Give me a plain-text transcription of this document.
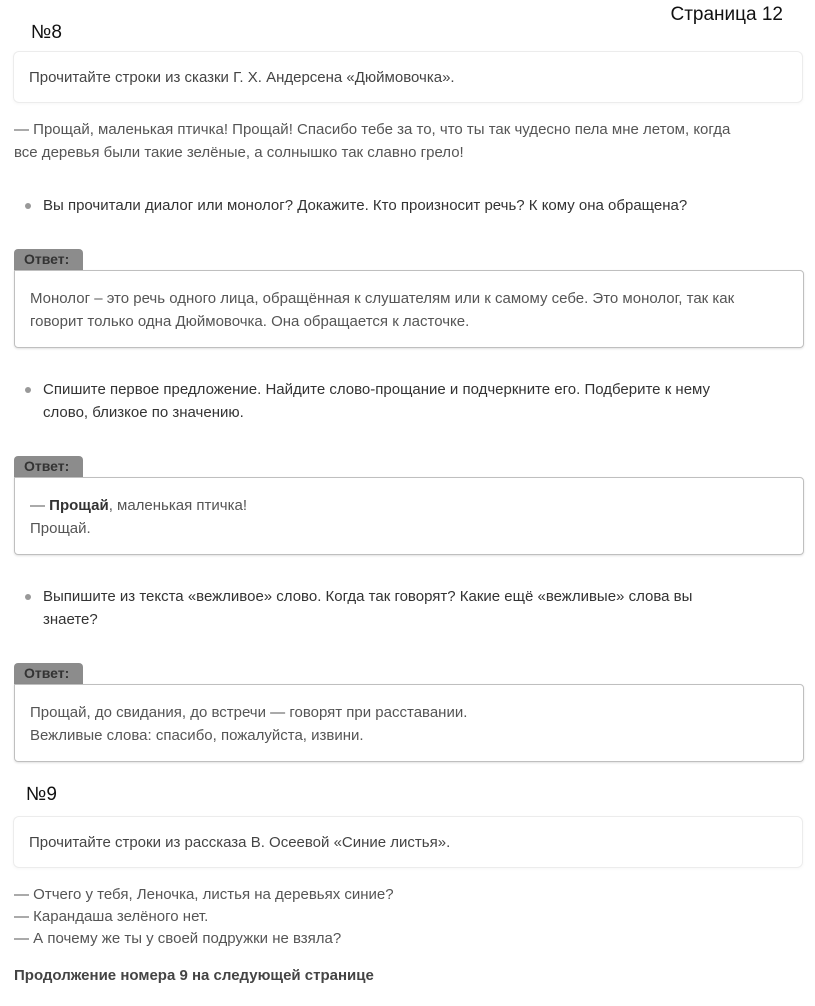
Страница 12
№8
Прочитайте строки из сказки Г. Х. Андерсена «Дюймовочка».
— Прощай, маленькая птичка! Прощай! Спасибо тебе за то, что ты так чудесно пела мне летом, когда
все деревья были такие зелёные, а солнышко так славно грело!
Вы прочитали диалог или монолог? Докажите. Кто произносит речь? К кому она обращена?
Ответ:
Монолог – это речь одного лица, обращённая к слушателям или к самому себе. Это монолог, так как
говорит только одна Дюймовочка. Она обращается к ласточке.
Спишите первое предложение. Найдите слово-прощание и подчеркните его. Подберите к нему
слово, близкое по значению.
Ответ:
— Прощай, маленькая птичка!
Прощай.
Выпишите из текста «вежливое» слово. Когда так говорят? Какие ещё «вежливые» слова вы
знаете?
Ответ:
Прощай, до свидания, до встречи — говорят при расставании.
Вежливые слова: спасибо, пожалуйста, извини.
№9
Прочитайте строки из рассказа В. Осеевой «Синие листья».
— Отчего у тебя, Леночка, листья на деревьях синие?
— Карандаша зелёного нет.
— А почему же ты у своей подружки не взяла?
Продолжение номера 9 на следующей странице
